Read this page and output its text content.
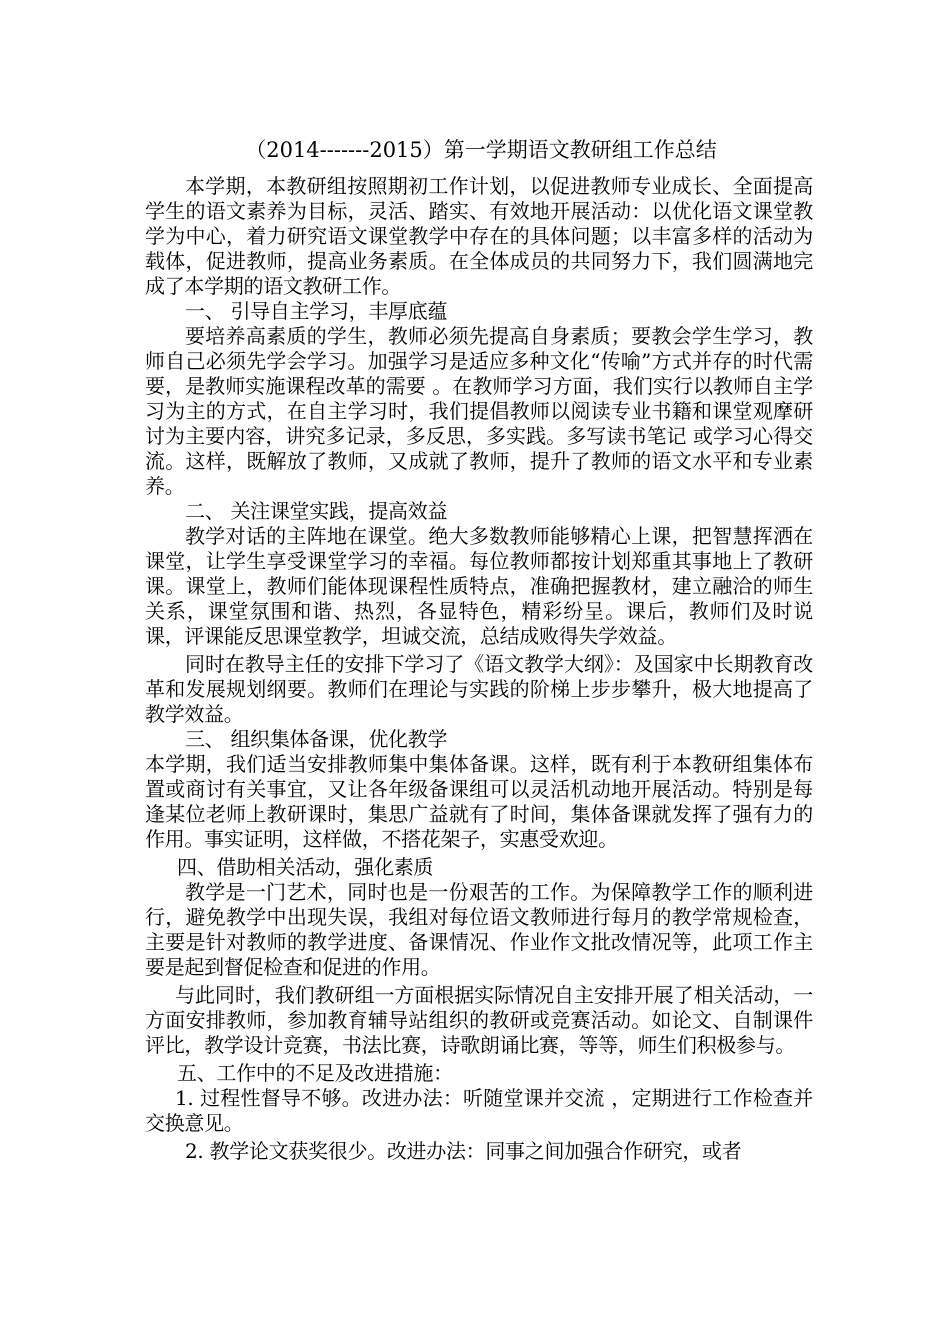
（2014-------2015）第一学期语文教研组工作总结

本学期，本教研组按照期初工作计划，以促进教师专业成长、全面提高学生的语文素养为目标，灵活、踏实、有效地开展活动：以优化语文课堂教学为中心，着力研究语文课堂教学中存在的具体问题；以丰富多样的活动为载体，促进教师，提高业务素质。在全体成员的共同努力下，我们圆满地完成了本学期的语文教研工作。

一、 引导自主学习，丰厚底蕴

要培养高素质的学生，教师必须先提高自身素质；要教会学生学习，教师自己必须先学会学习。加强学习是适应多种文化“传喻”方式并存的时代需要，是教师实施课程改革的需要 。在教师学习方面，我们实行以教师自主学习为主的方式，在自主学习时，我们提倡教师以阅读专业书籍和课堂观摩研讨为主要内容，讲究多记录，多反思，多实践。多写读书笔记 或学习心得交流。这样，既解放了教师，又成就了教师，提升了教师的语文水平和专业素养。

二、 关注课堂实践，提高效益

教学对话的主阵地在课堂。绝大多数教师能够精心上课，把智慧挥洒在课堂，让学生享受课堂学习的幸福。每位教师都按计划郑重其事地上了教研课。课堂上，教师们能体现课程性质特点，准确把握教材，建立融洽的师生关系，课堂氛围和谐、热烈，各显特色，精彩纷呈。课后，教师们及时说课，评课能反思课堂教学，坦诚交流，总结成败得失学效益。

同时在教导主任的安排下学习了《语文教学大纲》：及国家中长期教育改革和发展规划纲要。教师们在理论与实践的阶梯上步步攀升，极大地提高了教学效益。

三、 组织集体备课，优化教学

本学期，我们适当安排教师集中集体备课。这样，既有利于本教研组集体布置或商讨有关事宜，又让各年级备课组可以灵活机动地开展活动。特别是每逢某位老师上教研课时，集思广益就有了时间，集体备课就发挥了强有力的作用。事实证明，这样做，不搭花架子，实惠受欢迎。

四、借助相关活动，强化素质

教学是一门艺术，同时也是一份艰苦的工作。为保障教学工作的顺利进行，避免教学中出现失误，我组对每位语文教师进行每月的教学常规检查，主要是针对教师的教学进度、备课情况、作业作文批改情况等，此项工作主要是起到督促检查和促进的作用。

与此同时，我们教研组一方面根据实际情况自主安排开展了相关活动，一方面安排教师，参加教育辅导站组织的教研或竞赛活动。如论文、自制课件评比，教学设计竞赛，书法比赛，诗歌朗诵比赛，等等，师生们积极参与。

五、工作中的不足及改进措施：

1. 过程性督导不够。改进办法：听随堂课并交流 ，定期进行工作检查并交换意见。

2. 教学论文获奖很少。改进办法：同事之间加强合作研究，或者
